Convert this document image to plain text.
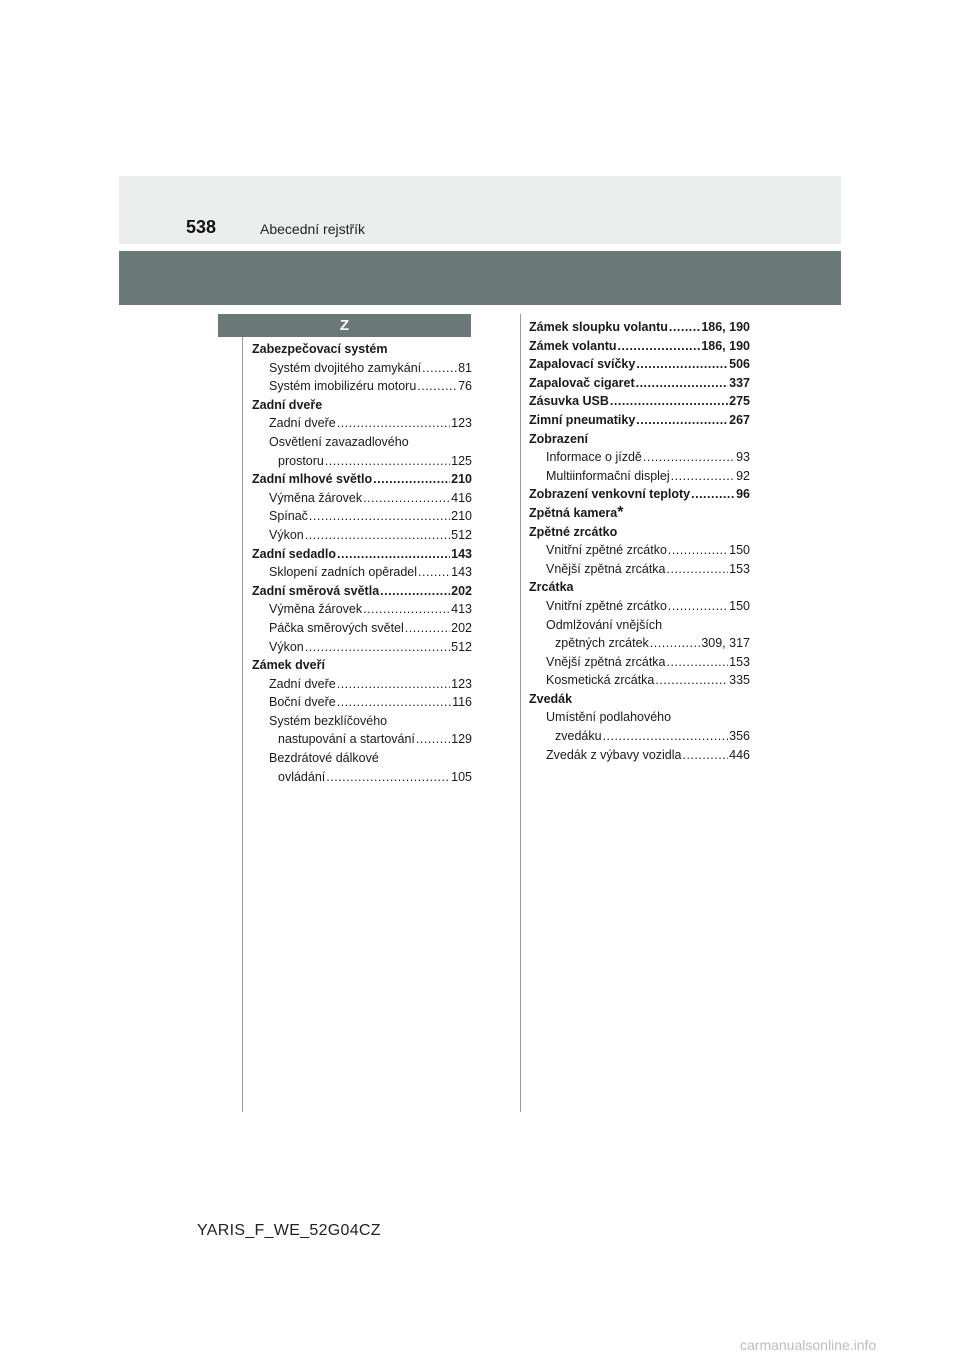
538	Abecední rejstřík
Z
Zabezpečovací systém
Systém dvojitého zamykání .....	81
Systém imobilizéru motoru .....	76
Zadní dveře
Zadní dveře .....	123
Osvětlení zavazadlového
prostoru .....	125
Zadní mlhové světlo .....	210
Výměna žárovek .....	416
Spínač .....	210
Výkon .....	512
Zadní sedadlo .....	143
Sklopení zadních opěradel .....	143
Zadní směrová světla .....	202
Výměna žárovek .....	413
Páčka směrových světel .....	202
Výkon .....	512
Zámek dveří
Zadní dveře .....	123
Boční dveře .....	116
Systém bezklíčového
nastupování a startování .....	129
Bezdrátové dálkové
ovládání .....	105
Zámek sloupku volantu .....	186, 190
Zámek volantu .....	186, 190
Zapalovací svíčky .....	506
Zapalovač cigaret .....	337
Zásuvka USB .....	275
Zimní pneumatiky .....	267
Zobrazení
Informace o jízdě .....	93
Multiinformační displej .....	92
Zobrazení venkovní teploty .....	96
Zpětná kamera *
Zpětné zrcátko
Vnitřní zpětné zrcátko .....	150
Vnější zpětná zrcátka .....	153
Zrcátka
Vnitřní zpětné zrcátko .....	150
Odmlžování vnějších
zpětných zrcátek .....	309, 317
Vnější zpětná zrcátka .....	153
Kosmetická zrcátka .....	335
Zvedák
Umístění podlahového
zvedáku .....	356
Zvedák z výbavy vozidla .....	446
YARIS_F_WE_52G04CZ
carmanualsonline.info
